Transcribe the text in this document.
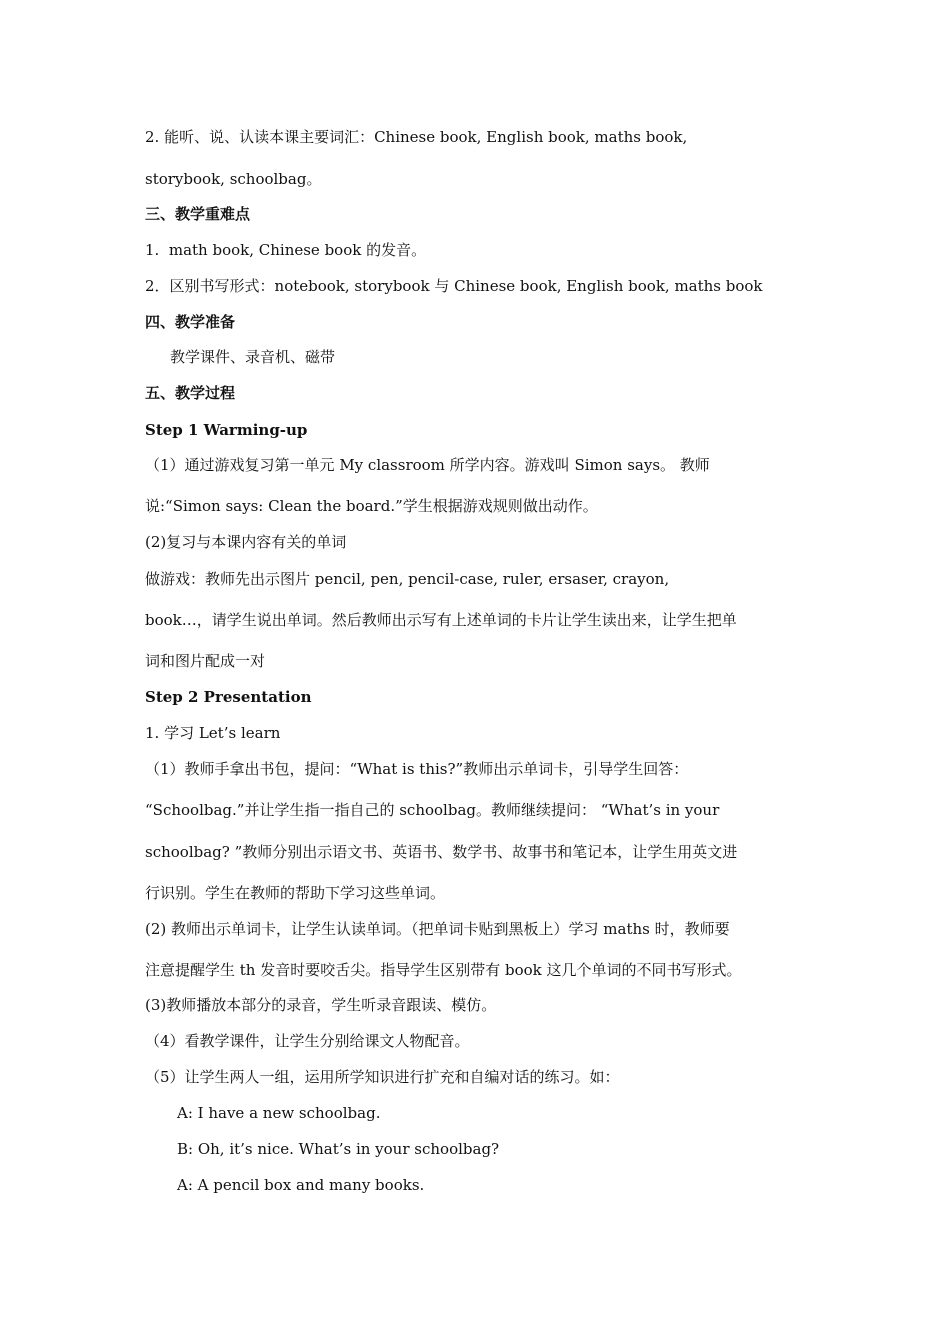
2. 能听、说、认读本课主要词汇：Chinese book, English book, maths book,
storybook, schoolbag。
三、教学重难点
1.  math book, Chinese book 的发音。
2．区别书写形式：notebook, storybook 与 Chinese book, English book, maths book
四、教学准备
教学课件、录音机、磁带
五、教学过程
Step 1 Warming-up
（1）通过游戏复习第一单元 My classroom 所学内容。游戏叫 Simon says。 教师
说:“Simon says: Clean the board.”学生根据游戏规则做出动作。
(2)复习与本课内容有关的单词
做游戏：教师先出示图片 pencil, pen, pencil-case, ruler, ersaser, crayon,
book…，请学生说出单词。然后教师出示写有上述单词的卡片让学生读出来，让学生把单
词和图片配成一对
Step 2 Presentation
1. 学习 Let’s learn
（1）教师手拿出书包，提问：“What is this?”教师出示单词卡，引导学生回答：
“Schoolbag.”并让学生指一指自己的 schoolbag。教师继续提问： “What’s in your
schoolbag? ”教师分别出示语文书、英语书、数学书、故事书和笔记本，让学生用英文进
行识别。学生在教师的帮助下学习这些单词。
(2) 教师出示单词卡，让学生认读单词。（把单词卡贴到黑板上）学习 maths 时，教师要
注意提醒学生 th 发音时要咬舌尖。指导学生区别带有 book 这几个单词的不同书写形式。
(3)教师播放本部分的录音，学生听录音跟读、模仿。
（4）看教学课件，让学生分别给课文人物配音。
（5）让学生两人一组，运用所学知识进行扩充和自编对话的练习。如：
A: I have a new schoolbag.
B: Oh, it’s nice. What’s in your schoolbag?
A: A pencil box and many books.
